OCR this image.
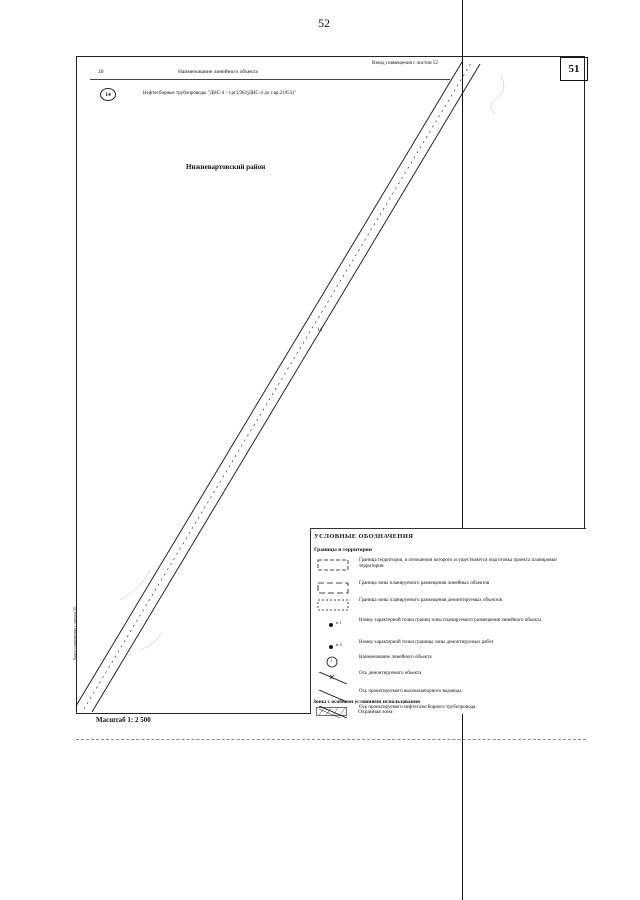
52
51
20	Наименование линейного объекта
Взвод совмещения с листом 52
14	Нефтесборные трубопроводы "ДНС-4 - т.р(3,962)ДНС-4 до т.вр.21953)"
Нижневартовский район
14
Взвод совмещения с листом 50
УСЛОВНЫЕ ОБОЗНАЧЕНИЯ
Границы и территории
Граница территории, в отношении которого осуществляется подготовка проекта планировки территории
Граница зоны планируемого размещения линейных объектов
Граница зоны планируемого размещения демонтируемых объектов
н 1	Номер характерной точки границ зоны планируемого размещения линейного объекта
н 3	Номер характерной точки границы зоны демонтируемых работ
1
Наименование линейного объекта
Ось демонтируемого объекта
Ось проектируемого высоконапорного водовода
Ось проектируемого нефтегазосборного трубопровода
Зоны с особыми условиями использования
Охранная зона
Масштаб 1: 2 500
